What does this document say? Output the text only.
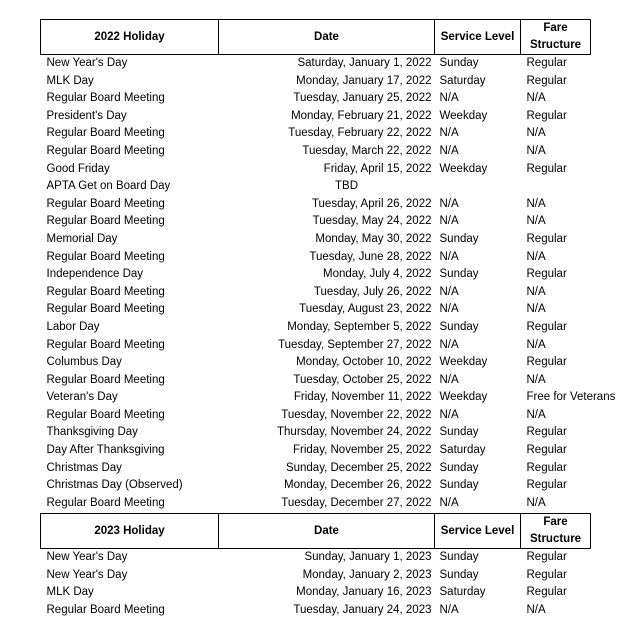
2022 Holiday	Date	Service Level	Fare Structure
New Year's Day	Saturday, January 1, 2022	Sunday	Regular
MLK Day	Monday, January 17, 2022	Saturday	Regular
Regular Board Meeting	Tuesday, January 25, 2022	N/A	N/A
President's Day	Monday, February 21, 2022	Weekday	Regular
Regular Board Meeting	Tuesday, February 22, 2022	N/A	N/A
Regular Board Meeting	Tuesday, March 22, 2022	N/A	N/A
Good Friday	Friday, April 15, 2022	Weekday	Regular
APTA Get on Board Day	TBD		
Regular Board Meeting	Tuesday, April 26, 2022	N/A	N/A
Regular Board Meeting	Tuesday, May 24, 2022	N/A	N/A
Memorial Day	Monday, May 30, 2022	Sunday	Regular
Regular Board Meeting	Tuesday, June 28, 2022	N/A	N/A
Independence Day	Monday, July 4, 2022	Sunday	Regular
Regular Board Meeting	Tuesday, July 26, 2022	N/A	N/A
Regular Board Meeting	Tuesday, August 23, 2022	N/A	N/A
Labor Day	Monday, September 5, 2022	Sunday	Regular
Regular Board Meeting	Tuesday, September 27, 2022	N/A	N/A
Columbus Day	Monday, October 10, 2022	Weekday	Regular
Regular Board Meeting	Tuesday, October 25, 2022	N/A	N/A
Veteran's Day	Friday, November 11, 2022	Weekday	Free for Veterans
Regular Board Meeting	Tuesday, November 22, 2022	N/A	N/A
Thanksgiving Day	Thursday, November 24, 2022	Sunday	Regular
Day After Thanksgiving	Friday, November 25, 2022	Saturday	Regular
Christmas Day	Sunday, December 25, 2022	Sunday	Regular
Christmas Day (Observed)	Monday, December 26, 2022	Sunday	Regular
Regular Board Meeting	Tuesday, December 27, 2022	N/A	N/A
2023 Holiday	Date	Service Level	Fare Structure
New Year's Day	Sunday, January 1, 2023	Sunday	Regular
New Year's Day	Monday, January 2, 2023	Sunday	Regular
MLK Day	Monday, January 16, 2023	Saturday	Regular
Regular Board Meeting	Tuesday, January 24, 2023	N/A	N/A
